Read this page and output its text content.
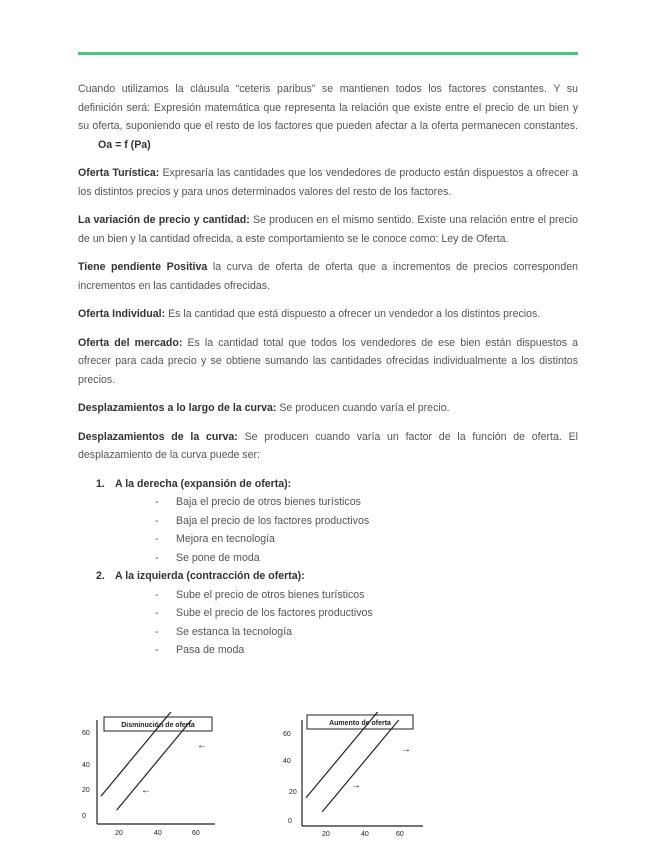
Cuando utilizamos la cláusula “ceteris paribus” se mantienen todos los factores constantes. Y su definición será: Expresión matemática que representa la relación que existe entre el precio de un bien y su oferta, suponiendo que el resto de los factores que pueden afectar a la oferta permanecen constantes. Oa = f (Pa)

Oferta Turística: Expresaría las cantidades que los vendedores de producto están dispuestos a ofrecer a los distintos precios y para unos determinados valores del resto de los factores.

La variación de precio y cantidad: Se producen en el mismo sentido. Existe una relación entre el precio de un bien y la cantidad ofrecida, a este comportamiento se le conoce como: Ley de Oferta.

Tiene pendiente Positiva la curva de oferta de oferta que a incrementos de precios corresponden incrementos en las cantidades ofrecidas.

Oferta Individual: Es la cantidad que está dispuesto a ofrecer un vendedor a los distintos precios.

Oferta del mercado: Es la cantidad total que todos los vendedores de ese bien están dispuestos a ofrecer para cada precio y se obtiene sumando las cantidades ofrecidas individualmente a los distintos precios.

Desplazamientos a lo largo de la curva: Se producen cuando varía el precio.

Desplazamientos de la curva: Se producen cuando varía un factor de la función de oferta. El desplazamiento de la curva puede ser:

1. A la derecha (expansión de oferta):
- Baja el precio de otros bienes turísticos
- Baja el precio de los factores productivos
- Mejora en tecnología
- Se pone de moda
2. A la izquierda (contracción de oferta):
- Sube el precio de otros bienes turísticos
- Sube el precio de los factores productivos
- Se estanca la tecnología
- Pasa de moda
Disminución de oferta
60
40
20
0
20	40	60
←
←
Aumento de oferta
60
40
20
0
20	40	60
→
→
